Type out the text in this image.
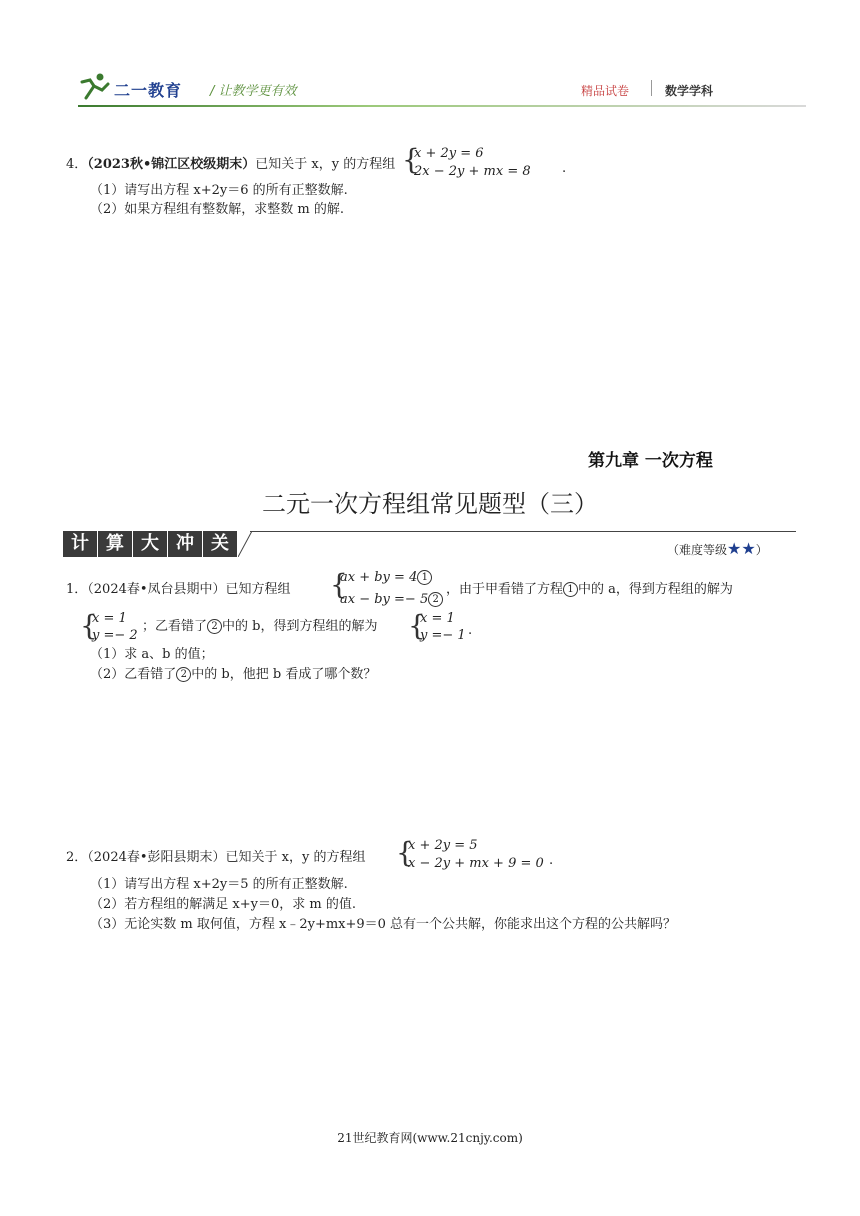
二一教育 / 让教学更有效	精品试卷	数学学科
4．（2023秋•锦江区校级期末）已知关于 x，y 的方程组 {
x + 2y = 6
2x − 2y + mx = 8 .
（1）请写出方程 x+2y＝6 的所有正整数解.
（2）如果方程组有整数解，求整数 m 的解.
第九章 一次方程
二元一次方程组常见题型（三）
计 算 大 冲 关	（难度等级★★）
1．（2024春•凤台县期中）已知方程组 {
ax + by = 4 1
ax − by =− 5 2
，由于甲看错了方程 1 中的 a，得到方程组的解为
{
x = 1
y =− 2
；乙看错了 2 中的 b，得到方程组的解为 {
x = 1
y =− 1 .
（1）求 a、b 的值；
（2）乙看错了 2 中的 b，他把 b 看成了哪个数？
2．（2024春•彭阳县期末）已知关于 x，y 的方程组 {
x + 2y = 5
x − 2y + mx + 9 = 0 .
（1）请写出方程 x+2y＝5 的所有正整数解.
（2）若方程组的解满足 x+y＝0，求 m 的值.
（3）无论实数 m 取何值，方程 x﹣2y+mx+9＝0 总有一个公共解，你能求出这个方程的公共解吗？
21世纪教育网(www.21cnjy.com)
